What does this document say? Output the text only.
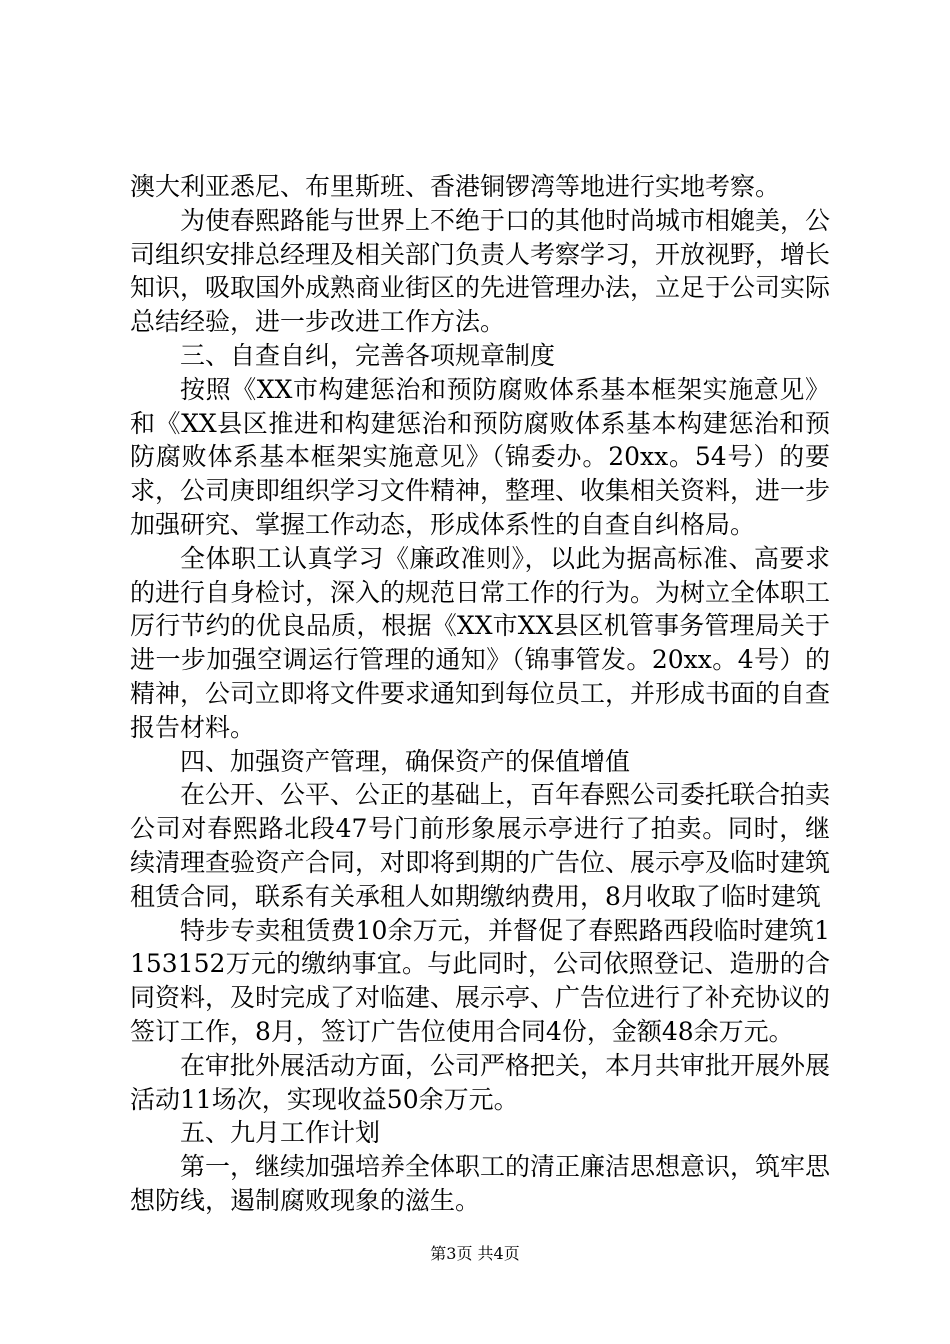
澳大利亚悉尼、布里斯班、香港铜锣湾等地进行实地考察。

为使春熙路能与世界上不绝于口的其他时尚城市相媲美，公司组织安排总经理及相关部门负责人考察学习，开放视野，增长知识，吸取国外成熟商业街区的先进管理办法，立足于公司实际总结经验，进一步改进工作方法。

三、自查自纠，完善各项规章制度

按照《XX市构建惩治和预防腐败体系基本框架实施意见》和《XX县区推进和构建惩治和预防腐败体系基本构建惩治和预防腐败体系基本框架实施意见》（锦委办。20xx。54号）的要求，公司庚即组织学习文件精神，整理、收集相关资料，进一步加强研究、掌握工作动态，形成体系性的自查自纠格局。

全体职工认真学习《廉政准则》，以此为据高标准、高要求的进行自身检讨，深入的规范日常工作的行为。为树立全体职工厉行节约的优良品质，根据《XX市XX县区机管事务管理局关于进一步加强空调运行管理的通知》（锦事管发。20xx。4号）的精神，公司立即将文件要求通知到每位员工，并形成书面的自查报告材料。

四、加强资产管理，确保资产的保值增值

在公开、公平、公正的基础上，百年春熙公司委托联合拍卖公司对春熙路北段47号门前形象展示亭进行了拍卖。同时，继续清理查验资产合同，对即将到期的广告位、展示亭及临时建筑租赁合同，联系有关承租人如期缴纳费用，8月收取了临时建筑

特步专卖租赁费10余万元，并督促了春熙路西段临时建筑1153152万元的缴纳事宜。与此同时，公司依照登记、造册的合同资料，及时完成了对临建、展示亭、广告位进行了补充协议的签订工作，8月，签订广告位使用合同4份，金额48余万元。

在审批外展活动方面，公司严格把关，本月共审批开展外展活动11场次，实现收益50余万元。

五、九月工作计划

第一，继续加强培养全体职工的清正廉洁思想意识，筑牢思想防线，遏制腐败现象的滋生。

第3页 共4页
